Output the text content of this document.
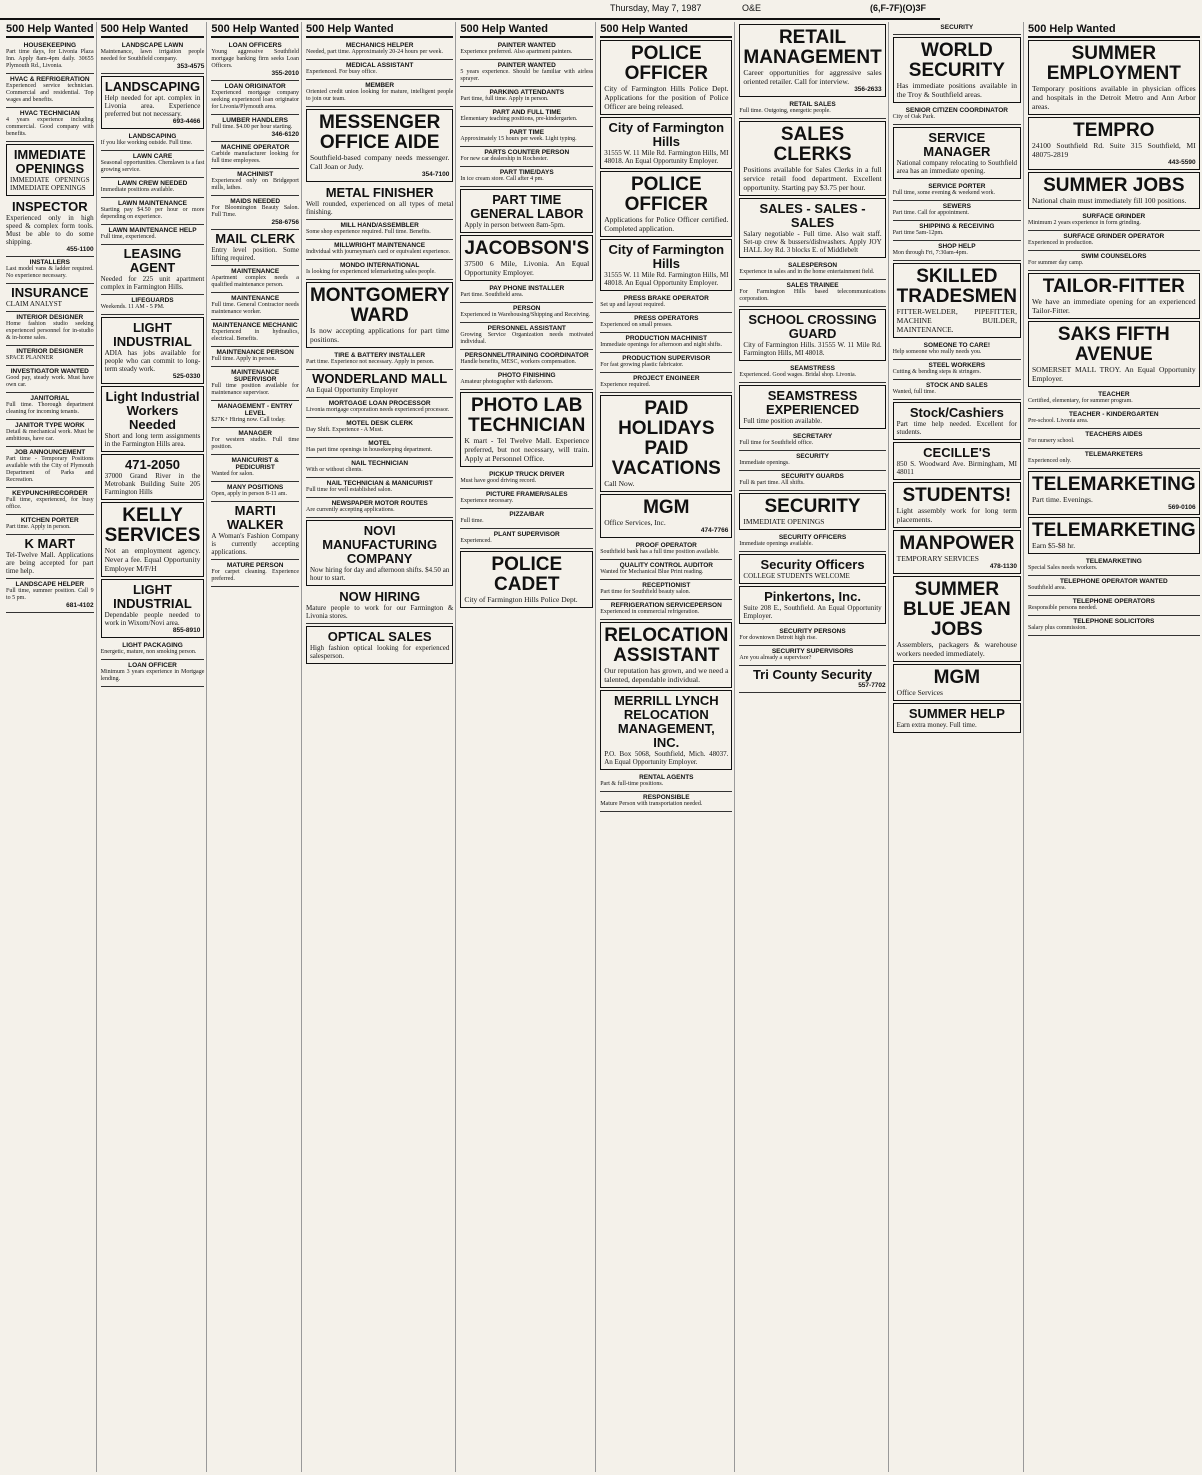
Thursday, May 7, 1987	O&E	(6,F-7F)(O)3F
500 Help Wanted
HOUSEKEEPING
Part time days, for Livonia Plaza Inn. Apply 8am-4pm daily. 30655 Plymouth Rd., Livonia.
HVAC & REFRIGERATION
Experienced service technician. Commercial and residential. Top wages and benefits.
HVAC TECHNICIAN
4 years experience including commercial. Good company with benefits.
IMMEDIATE OPENINGS
IMMEDIATE OPENINGS IMMEDIATE OPENINGS
INSPECTOR
Experienced only in high speed & complex form tools. Must be able to do some shipping.
455-1100
INSTALLERS
Last model vans & ladder required. No experience necessary.
INSURANCE
CLAIM ANALYST
INTERIOR DESIGNER
Home fashion studio seeking experienced personnel for in-studio & in-home sales.
INTERIOR DESIGNER
SPACE PLANNER
INVESTIGATOR WANTED
Good pay, steady work. Must have own car.
JANITORIAL
Full time. Thorough department cleaning for incoming tenants.
JANITOR TYPE WORK
Detail & mechanical work. Must be ambitious, have car.
JOB ANNOUNCEMENT
Part time - Temporary Positions available with the City of Plymouth Department of Parks and Recreation.
KEYPUNCH/RECORDER
Full time, experienced, for busy office.
KITCHEN PORTER
Part time. Apply in person.
K MART
Tel-Twelve Mall. Applications are being accepted for part time help.
LANDSCAPE HELPER
Full time, summer position. Call 9 to 5 pm.
681-4102
500 Help Wanted
LANDSCAPE LAWN
Maintenance, lawn irrigation people needed for Southfield company.
353-4575
LANDSCAPING
Help needed for apt. complex in Livonia area. Experience preferred but not necessary.
693-4466
LANDSCAPING
If you like working outside. Full time.
LAWN CARE
Seasonal opportunities. Chemlawn is a fast growing service.
LAWN CREW NEEDED
Immediate positions available.
LAWN MAINTENANCE
Starting pay $4.50 per hour or more depending on experience.
LAWN MAINTENANCE HELP
Full time, experienced.
LEASING AGENT
Needed for 225 unit apartment complex in Farmington Hills.
LIFEGUARDS
Weekends. 11 AM - 5 PM.
LIGHT INDUSTRIAL
ADIA has jobs available for people who can commit to long-term steady work.
525-0330
Light Industrial Workers Needed
Short and long term assignments in the Farmington Hills area.
471-2050
37000 Grand River in the Metrobank Building Suite 205 Farmington Hills
KELLY SERVICES
Not an employment agency. Never a fee. Equal Opportunity Employer M/F/H
LIGHT INDUSTRIAL
Dependable people needed to work in Wixom/Novi area.
855-8910
LIGHT PACKAGING
Energetic, mature, non smoking person.
LOAN OFFICER
Minimum 3 years experience in Mortgage lending.
500 Help Wanted
LOAN OFFICERS
Young aggressive Southfield mortgage banking firm seeks Loan Officers.
355-2010
LOAN ORIGINATOR
Experienced mortgage company seeking experienced loan originator for Livonia/Plymouth area.
LUMBER HANDLERS
Full time. $4.00 per hour starting.
346-6120
MACHINE OPERATOR
Carbide manufacturer looking for full time employees.
MACHINIST
Experienced only on Bridgeport mills, lathes.
MAIDS NEEDED
For Bloomington Beauty Salon. Full Time.
258-6756
MAIL CLERK
Entry level position. Some lifting required.
MAINTENANCE
Apartment complex needs a qualified maintenance person.
MAINTENANCE
Full time. General Contractor needs maintenance worker.
MAINTENANCE MECHANIC
Experienced in hydraulics, electrical. Benefits.
MAINTENANCE PERSON
Full time. Apply in person.
MAINTENANCE SUPERVISOR
Full time position available for maintenance supervisor.
MANAGEMENT - ENTRY LEVEL
$27K+ Hiring now. Call today.
MANAGER
For western studio. Full time position.
MANICURIST & PEDICURIST
Wanted for salon.
MANY POSITIONS
Open, apply in person 8-11 am.
MARTI WALKER
A Woman's Fashion Company is currently accepting applications.
MATURE PERSON
For carpet cleaning. Experience preferred.
500 Help Wanted
MECHANICS HELPER
Needed, part time. Approximately 20-24 hours per week.
MEDICAL ASSISTANT
Experienced. For busy office.
MEMBER
Oriented credit union looking for mature, intelligent people to join our team.
MESSENGER OFFICE AIDE
Southfield-based company needs messenger. Call Joan or Judy.
354-7100
METAL FINISHER
Well rounded, experienced on all types of metal finishing.
MILL HAND/ASSEMBLER
Some shop experience required. Full time. Benefits.
MILLWRIGHT MAINTENANCE
Individual with journeyman's card or equivalent experience.
MONDO INTERNATIONAL
Is looking for experienced telemarketing sales people.
MONTGOMERY WARD
Is now accepting applications for part time positions.
TIRE & BATTERY INSTALLER
Part time. Experience not necessary. Apply in person.
WONDERLAND MALL
An Equal Opportunity Employer
MORTGAGE LOAN PROCESSOR
Livonia mortgage corporation needs experienced processor.
MOTEL DESK CLERK
Day Shift. Experience - A Must.
MOTEL
Has part time openings in housekeeping department.
NAIL TECHNICIAN
With or without clients.
NAIL TECHNICIAN & MANICURIST
Full time for well established salon.
NEWSPAPER MOTOR ROUTES
Are currently accepting applications.
NOVI MANUFACTURING COMPANY
Now hiring for day and afternoon shifts. $4.50 an hour to start.
NOW HIRING
Mature people to work for our Farmington & Livonia stores.
OPTICAL SALES
High fashion optical looking for experienced salesperson.
500 Help Wanted
PAINTER WANTED
Experience preferred. Also apartment painters.
PAINTER WANTED
5 years experience. Should be familiar with airless sprayer.
PARKING ATTENDANTS
Part time, full time. Apply in person.
PART AND FULL TIME
Elementary teaching positions, pre-kindergarten.
PART TIME
Approximately 15 hours per week. Light typing.
PARTS COUNTER PERSON
For new car dealership in Rochester.
PART TIME/DAYS
In ice cream store. Call after 4 pm.
PART TIME GENERAL LABOR
Apply in person between 8am-5pm.
JACOBSON'S
37500 6 Mile, Livonia. An Equal Opportunity Employer.
PAY PHONE INSTALLER
Part time. Southfield area.
PERSON
Experienced in Warehousing/Shipping and Receiving.
PERSONNEL ASSISTANT
Growing Service Organization needs motivated individual.
PERSONNEL/TRAINING COORDINATOR
Handle benefits, MESC, workers compensation.
PHOTO FINISHING
Amateur photographer with darkroom.
PHOTO LAB TECHNICIAN
K mart - Tel Twelve Mall. Experience preferred, but not necessary, will train. Apply at Personnel Office.
PICKUP TRUCK DRIVER
Must have good driving record.
PICTURE FRAMER/SALES
Experience necessary.
PIZZA/BAR
Full time.
PLANT SUPERVISOR
Experienced.
POLICE CADET
City of Farmington Hills Police Dept.
500 Help Wanted
POLICE OFFICER
City of Farmington Hills Police Dept. Applications for the position of Police Officer are being released.
City of Farmington Hills
31555 W. 11 Mile Rd. Farmington Hills, MI 48018. An Equal Opportunity Employer.
POLICE OFFICER
Applications for Police Officer certified. Completed application.
City of Farmington Hills
31555 W. 11 Mile Rd. Farmington Hills, MI 48018. An Equal Opportunity Employer.
PRESS BRAKE OPERATOR
Set up and layout required.
PRESS OPERATORS
Experienced on small presses.
PRODUCTION MACHINIST
Immediate openings for afternoon and night shifts.
PRODUCTION SUPERVISOR
For fast growing plastic fabricator.
PROJECT ENGINEER
Experience required.
PAID HOLIDAYS PAID VACATIONS
Call Now.
MGM
Office Services, Inc.
474-7766
PROOF OPERATOR
Southfield bank has a full time position available.
QUALITY CONTROL AUDITOR
Wanted for Mechanical Blue Print reading.
RECEPTIONIST
Part time for Southfield beauty salon.
REFRIGERATION SERVICEPERSON
Experienced in commercial refrigeration.
RELOCATION ASSISTANT
Our reputation has grown, and we need a talented, dependable individual.
MERRILL LYNCH RELOCATION MANAGEMENT, INC.
P.O. Box 5068, Southfield, Mich. 48037. An Equal Opportunity Employer.
RENTAL AGENTS
Part & full-time positions.
RESPONSIBLE
Mature Person with transportation needed.
RETAIL MANAGEMENT
Career opportunities for aggressive sales oriented retailer. Call for interview.
356-2633
RETAIL SALES
Full time. Outgoing, energetic people.
SALES CLERKS
Positions available for Sales Clerks in a full service retail food department. Excellent opportunity. Starting pay $3.75 per hour.
SALES - SALES - SALES
Salary negotiable - Full time. Also wait staff. Set-up crew & bussers/dishwashers. Apply JOY HALL Joy Rd. 3 blocks E. of Middlebelt
SALESPERSON
Experience in sales and in the home entertainment field.
SALES TRAINEE
For Farmington Hills based telecommunications corporation.
SCHOOL CROSSING GUARD
City of Farmington Hills. 31555 W. 11 Mile Rd. Farmington Hills, MI 48018.
SEAMSTRESS
Experienced. Good wages. Bridal shop. Livonia.
SEAMSTRESS EXPERIENCED
Full time position available.
SECRETARY
Full time for Southfield office.
SECURITY
Immediate openings.
SECURITY GUARDS
Full & part time. All shifts.
SECURITY
IMMEDIATE OPENINGS
SECURITY OFFICERS
Immediate openings available.
Security Officers
COLLEGE STUDENTS WELCOME
Pinkertons, Inc.
Suite 208 E., Southfield. An Equal Opportunity Employer.
SECURITY PERSONS
For downtown Detroit high rise.
SECURITY SUPERVISORS
Are you already a supervisor?
Tri County Security
557-7702
SECURITY
WORLD SECURITY
Has immediate positions available in the Troy & Southfield areas.
SENIOR CITIZEN COORDINATOR
City of Oak Park.
SERVICE MANAGER
National company relocating to Southfield area has an immediate opening.
SERVICE PORTER
Full time, some evening & weekend work.
SEWERS
Part time. Call for appointment.
SHIPPING & RECEIVING
Part time 5am-12pm.
SHOP HELP
Mon through Fri, 7:30am-4pm.
SKILLED TRADESMEN
FITTER-WELDER, PIPEFITTER, MACHINE BUILDER, MAINTENANCE.
SOMEONE TO CARE!
Help someone who really needs you.
STEEL WORKERS
Cutting & bending steps & stringers.
STOCK AND SALES
Wanted, full time.
Stock/Cashiers
Part time help needed. Excellent for students.
CECILLE'S
850 S. Woodward Ave. Birmingham, MI 48011
STUDENTS!
Light assembly work for long term placements.
MANPOWER
TEMPORARY SERVICES
478-1130
SUMMER BLUE JEAN JOBS
Assemblers, packagers & warehouse workers needed immediately.
MGM
Office Services
SUMMER HELP
Earn extra money. Full time.
500 Help Wanted
SUMMER EMPLOYMENT
Temporary positions available in physician offices and hospitals in the Detroit Metro and Ann Arbor areas.
TEMPRO
24100 Southfield Rd. Suite 315 Southfield, MI 48075-2819
443-5590
SUMMER JOBS
National chain must immediately fill 100 positions.
SURFACE GRINDER
Minimum 2 years experience in form grinding.
SURFACE GRINDER OPERATOR
Experienced in production.
SWIM COUNSELORS
For summer day camp.
TAILOR-FITTER
We have an immediate opening for an experienced Tailor-Fitter.
SAKS FIFTH AVENUE
SOMERSET MALL TROY. An Equal Opportunity Employer.
TEACHER
Certified, elementary, for summer program.
TEACHER - KINDERGARTEN
Pre-school. Livonia area.
TEACHERS AIDES
For nursery school.
TELEMARKETERS
Experienced only.
TELEMARKETING
Part time. Evenings.
569-0106
TELEMARKETING
Earn $5-$8 hr.
TELEMARKETING
Special Sales needs workers.
TELEPHONE OPERATOR WANTED
Southfield area.
TELEPHONE OPERATORS
Responsible persons needed.
TELEPHONE SOLICITORS
Salary plus commission.
